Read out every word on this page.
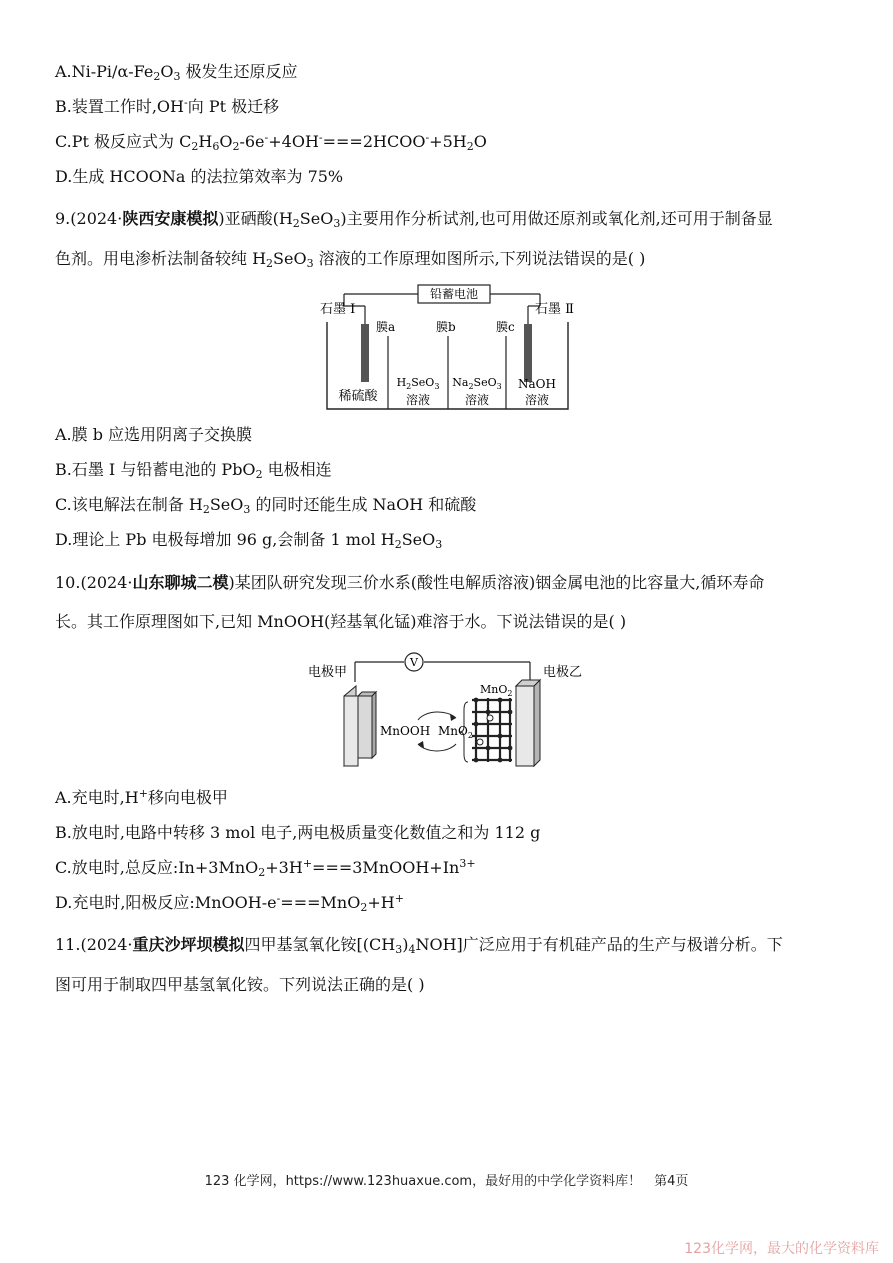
$A.Ni-Pi/\alpha-Fe_2O_3$ 极发生还原反应
B.装置工作时,OH-向 Pt 极迁移
C.Pt 极反应式为 $C_2H_6O_2-6e^-+4OH^-===2HCOO^-+5H_2O$
D.生成 HCOONa 的法拉第效率为 75%
9.(2024·陕西安康模拟)亚硒酸$(H_2SeO_3)$主要用作分析试剂,也可用做还原剂或氧化剂,还可用于制备显
色剂。用电渗析法制备较纯 $H_2SeO_3$ 溶液的工作原理如图所示,下列说法错误的是( )
铅蓄电池
石墨 Ⅰ	石墨 Ⅱ
膜a	膜b	膜c
稀硫酸
$H_2SeO_3$
溶液
$Na_2SeO_3$
溶液
NaOH
溶液
A.膜 b 应选用阴离子交换膜
B.石墨 Ⅰ 与铅蓄电池的 PbO$_2$ 电极相连
C.该电解法在制备 $H_2SeO_3$ 的同时还能生成 NaOH 和硫酸
D.理论上 Pb 电极每增加 96 g,会制备 1 mol $H_2SeO_3$
10.(2024·山东聊城二模)某团队研究发现三价水系(酸性电解质溶液)铟金属电池的比容量大,循环寿命
长。其工作原理图如下,已知 MnOOH(羟基氧化锰)难溶于水。下说法错误的是( )
V
电极甲	电极乙
MnO$_2$
MnOOH MnO$_2$
A.充电时,H+移向电极甲
B.放电时,电路中转移 3 mol 电子,两电极质量变化数值之和为 112 g
C.放电时,总反应$:In+3MnO_2+3H^+===3MnOOH+In^{3+}$
D.充电时,阳极反应:MnOOH-e-===MnO$_2$+H+
11.(2024·重庆沙坪坝模拟四甲基氢氧化铵$[(CH_3)_4NOH]$广泛应用于有机硅产品的生产与极谱分析。下
图可用于制取四甲基氢氧化铵。下列说法正确的是( )
123 化学网，https://www.123huaxue.com，最好用的中学化学资料库！　第4页
123化学网，最大的化学资料库
